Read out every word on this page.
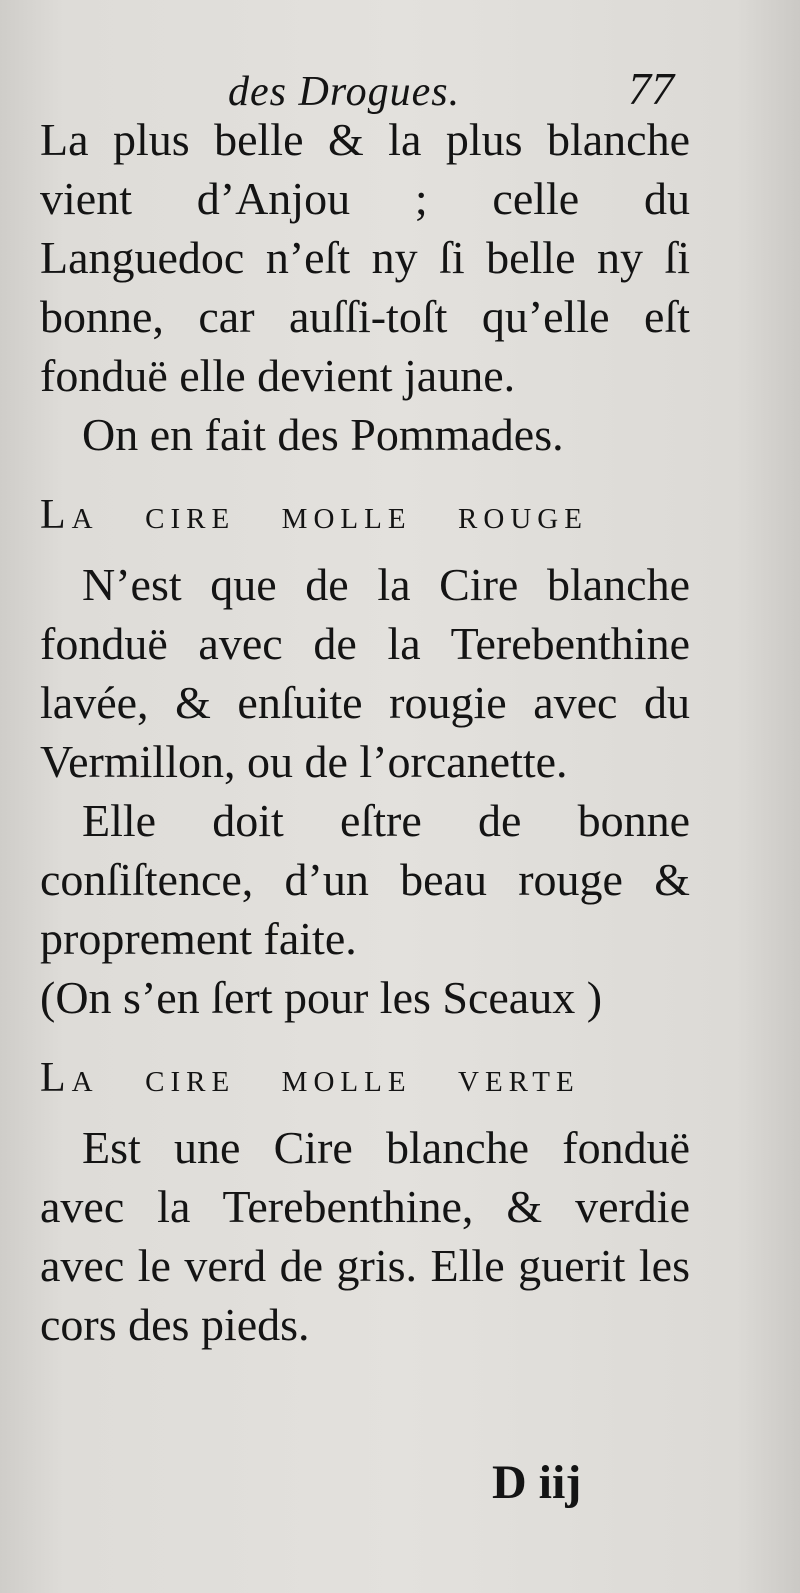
des Drogues.	77
La plus belle & la plus blanche vient d’Anjou ; celle du Languedoc n’eſt ny ſi belle ny ſi bonne, car auſſi-toſt qu’elle eſt fonduë elle devient jaune.
On en fait des Pommades.
La cire molle rouge
N’est que de la Cire blanche fonduë avec de la Terebenthine lavée, & enſuite rougie avec du Vermillon, ou de l’orcanette.
Elle doit eſtre de bonne conſiſtence, d’un beau rouge & proprement faite.
(On s’en ſert pour les Sceaux )
La cire molle verte
Est une Cire blanche fonduë avec la Terebenthine, & verdie avec le verd de gris. Elle guerit les cors des pieds.
D iij
